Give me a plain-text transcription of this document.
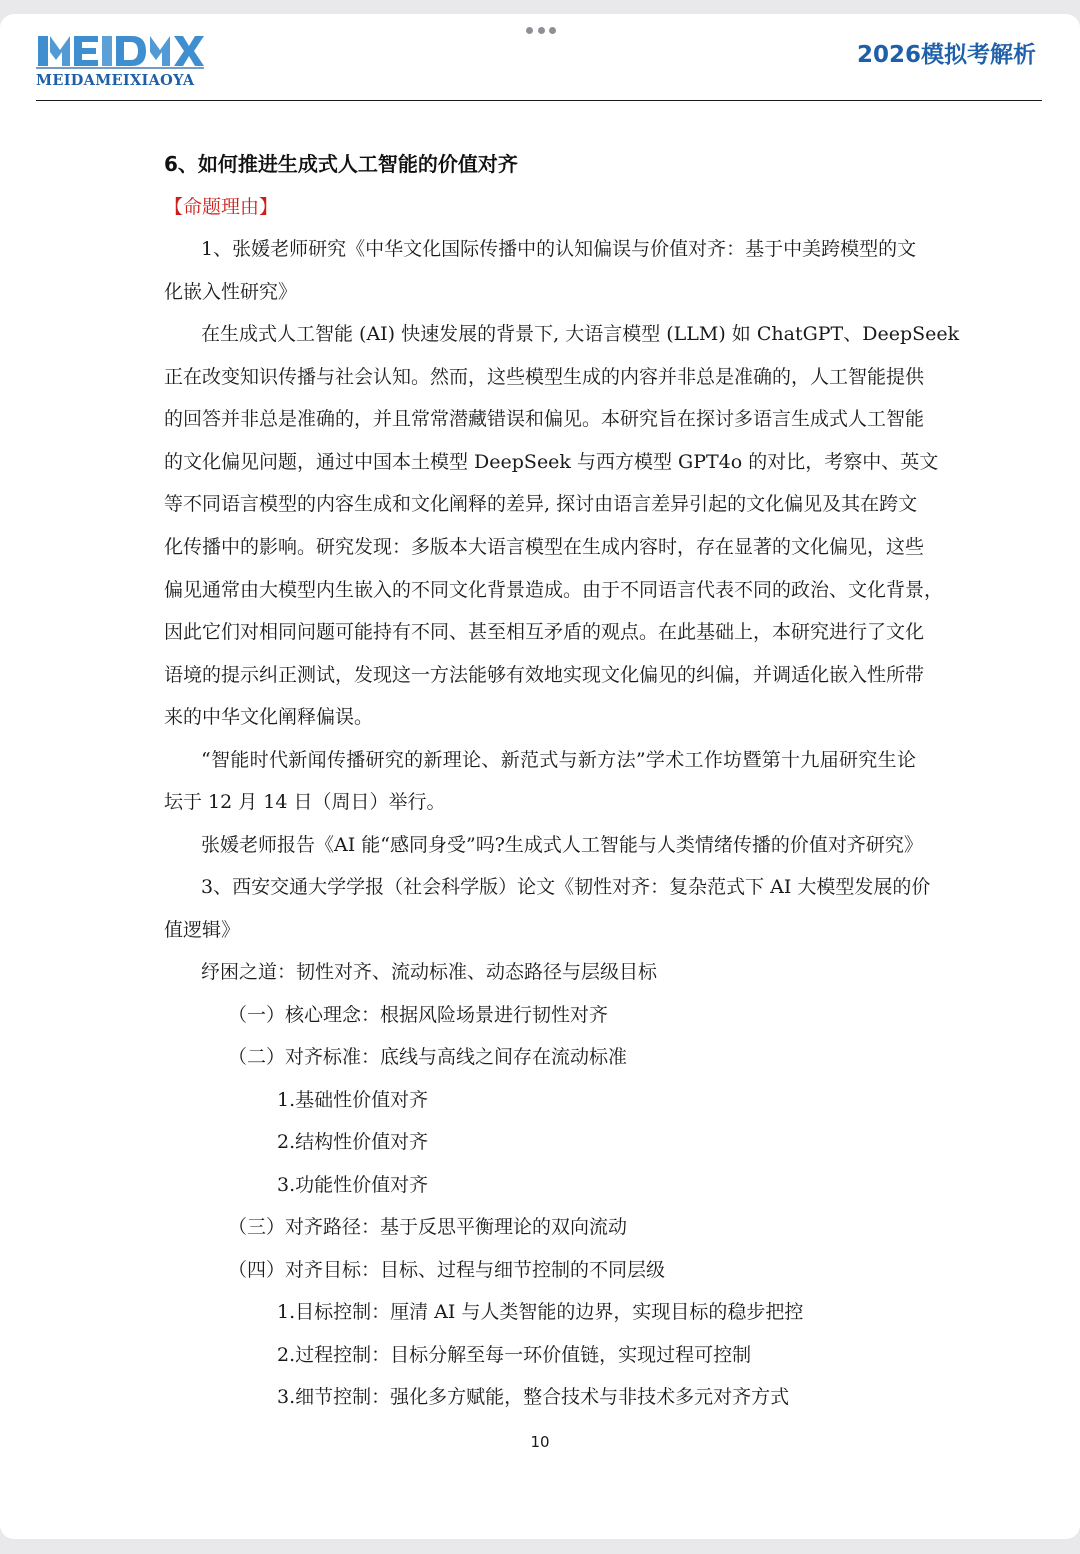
MEIDAMEIXIAOYA
2026模拟考解析
6、如何推进生成式人工智能的价值对齐
【命题理由】
1、张媛老师研究《中华文化国际传播中的认知偏误与价值对齐：基于中美跨模型的文
化嵌入性研究》
在生成式人工智能 (AI) 快速发展的背景下, 大语言模型 (LLM) 如 ChatGPT、DeepSeek
正在改变知识传播与社会认知。然而，这些模型生成的内容并非总是准确的，人工智能提供
的回答并非总是准确的，并且常常潜藏错误和偏见。本研究旨在探讨多语言生成式人工智能
的文化偏见问题，通过中国本土模型 DeepSeek 与西方模型 GPT4o 的对比，考察中、英文
等不同语言模型的内容生成和文化阐释的差异, 探讨由语言差异引起的文化偏见及其在跨文
化传播中的影响。研究发现：多版本大语言模型在生成内容时，存在显著的文化偏见，这些
偏见通常由大模型内生嵌入的不同文化背景造成。由于不同语言代表不同的政治、文化背景，
因此它们对相同问题可能持有不同、甚至相互矛盾的观点。在此基础上，本研究进行了文化
语境的提示纠正测试，发现这一方法能够有效地实现文化偏见的纠偏，并调适化嵌入性所带
来的中华文化阐释偏误。
“智能时代新闻传播研究的新理论、新范式与新方法”学术工作坊暨第十九届研究生论
坛于 12 月 14 日（周日）举行。
张媛老师报告《AI 能“感同身受”吗?生成式人工智能与人类情绪传播的价值对齐研究》
3、西安交通大学学报（社会科学版）论文《韧性对齐：复杂范式下 AI 大模型发展的价
值逻辑》
纾困之道：韧性对齐、流动标准、动态路径与层级目标
（一）核心理念：根据风险场景进行韧性对齐
（二）对齐标准：底线与高线之间存在流动标准
1.基础性价值对齐
2.结构性价值对齐
3.功能性价值对齐
（三）对齐路径：基于反思平衡理论的双向流动
（四）对齐目标：目标、过程与细节控制的不同层级
1.目标控制：厘清 AI 与人类智能的边界，实现目标的稳步把控
2.过程控制：目标分解至每一环价值链，实现过程可控制
3.细节控制：强化多方赋能，整合技术与非技术多元对齐方式
10
